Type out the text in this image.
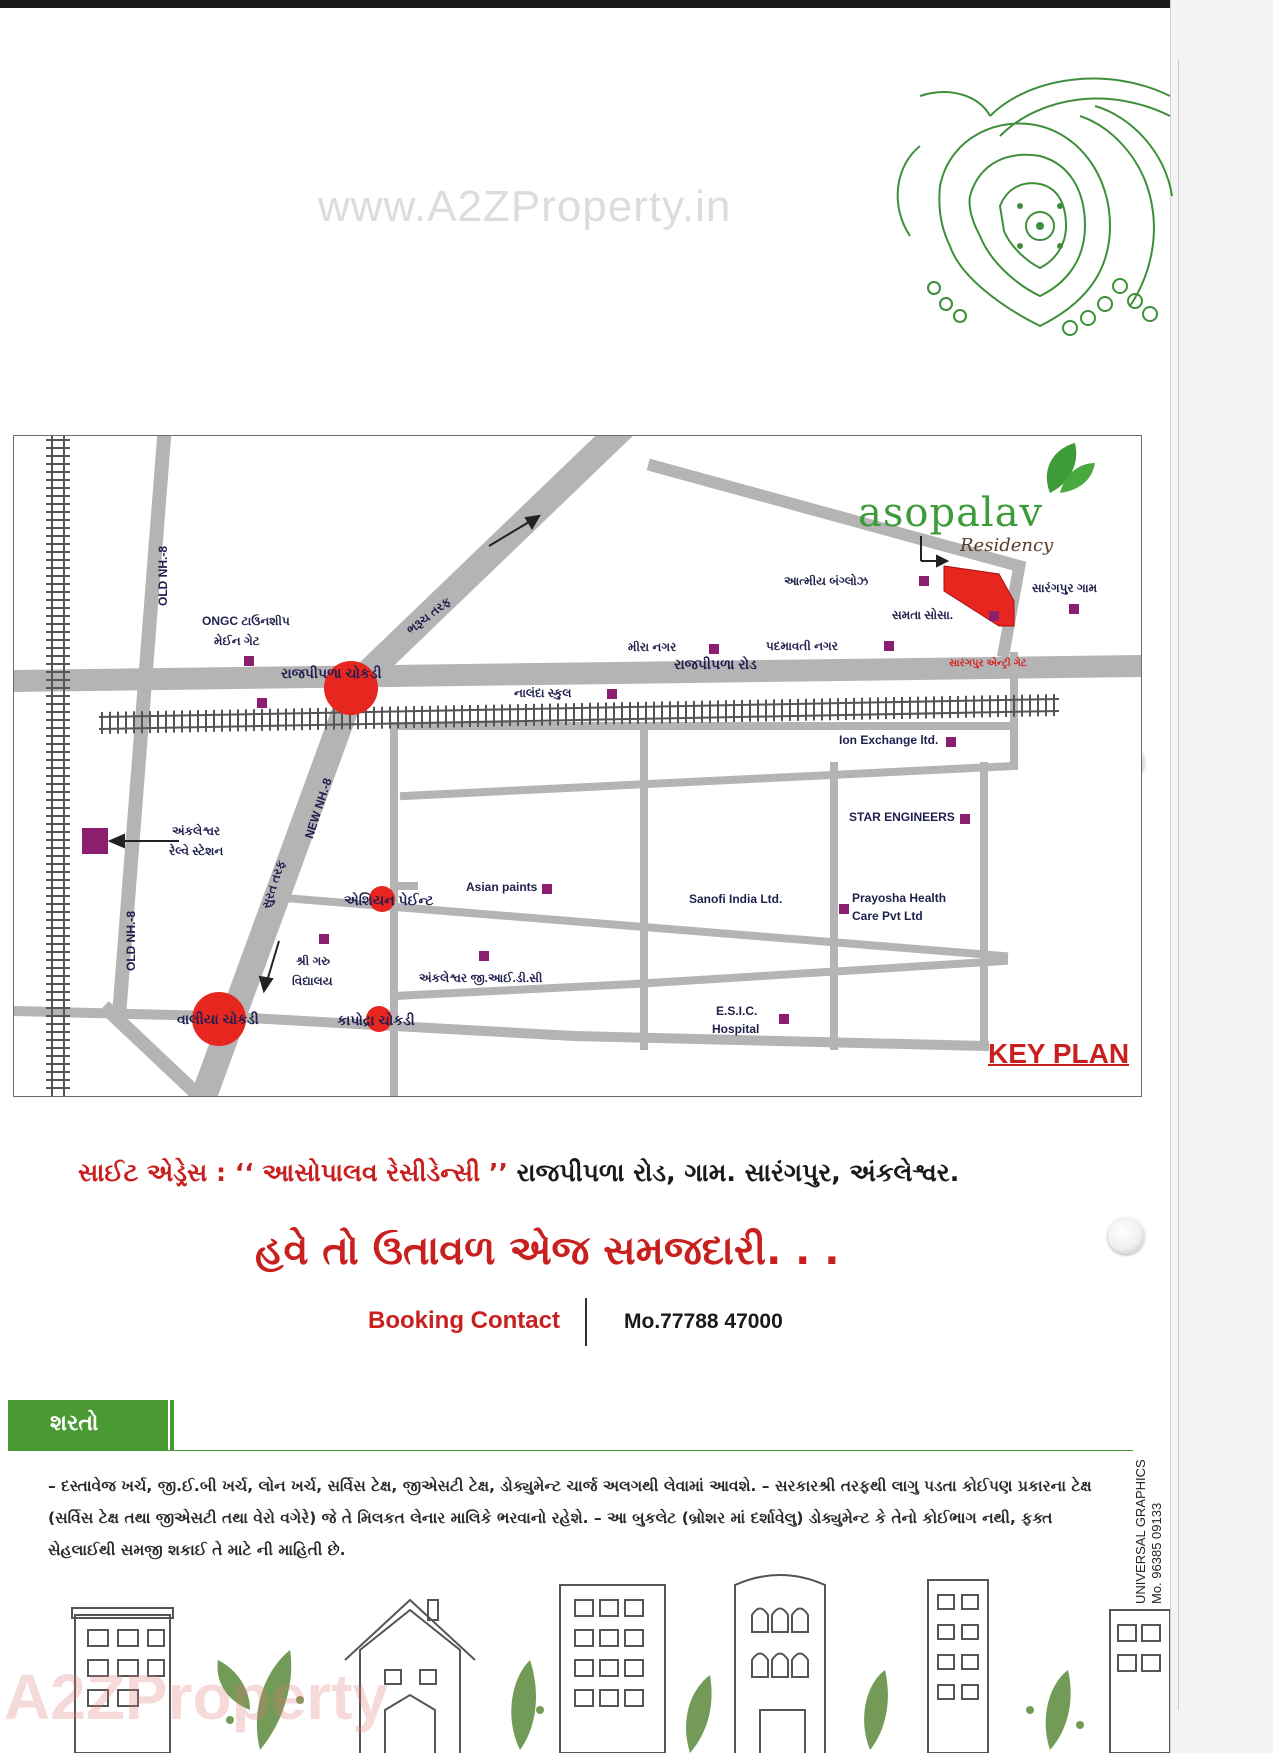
www.A2ZProperty.in
OLD NH.-8
OLD NH.-8
NEW NH.-8
ભરૂચ તરફ
સુરત તરફ
રાજપીપળા રોડ
રાજપીપળા ચોકડી
વાલીયા ચોકડી	કાપોદ્રા ચોકડી
એશિયન પેઈન્ટ
ONGC ટાઉનશીપ
મેઈન ગેટ
અંકલેશ્વર
રેલ્વે સ્ટેશન
આત્મીય બંગ્લોઝ	સારંગપુર ગામ
સમતા સોસા.
પદમાવતી નગર
મીરા નગર
સારંગપુર એન્ટ્રી ગેટ
નાલંદા સ્કુલ
Ion Exchange ltd.
STAR ENGINEERS
Asian paints
Sanofi India Ltd.	Prayosha Health
Care Pvt Ltd
શ્રી ગરુ
વિદ્યાલય	અંકલેશ્વર જી.આઈ.ડી.સી
E.S.I.C.
Hospital
asopalav
Residency
KEY PLAN
સાઈટ એડ્રેસ : ‘‘ આસોપાલવ રેસીડેન્સી ’’ રાજપીપળા રોડ, ગામ. સારંગપુર, અંકલેશ્વર.
હવે તો ઉતાવળ એજ સમજદારી. . .
Booking Contact	Mo.77788 47000
શરતો
– દસ્તાવેજ ખર્ચ, જી.ઈ.બી ખર્ચ, લોન ખર્ચ, સર્વિસ ટેક્ષ, જીએસટી ટેક્ષ, ડોક્યુમેન્ટ ચાર્જ અલગથી લેવામાં આવશે. – સરકારશ્રી તરફથી લાગુ પડતા કોઈપણ પ્રકારના ટેક્ષ (સર્વિસ ટેક્ષ તથા જીએસટી તથા વેરો વગેરે) જે તે મિલકત લેનાર માલિકે ભરવાનો રહેશે. – આ બુકલેટ (બ્રોશર માં દર્શાવેલુ) ડોક્યુમેન્ટ કે તેનો કોઈભાગ નથી, ફક્ત સેહલાઈથી સમજી શકાઈ તે માટે ની માહિતી છે.	UNIVERSAL GRAPHICS Mo. 96385 09133
A2ZProperty
